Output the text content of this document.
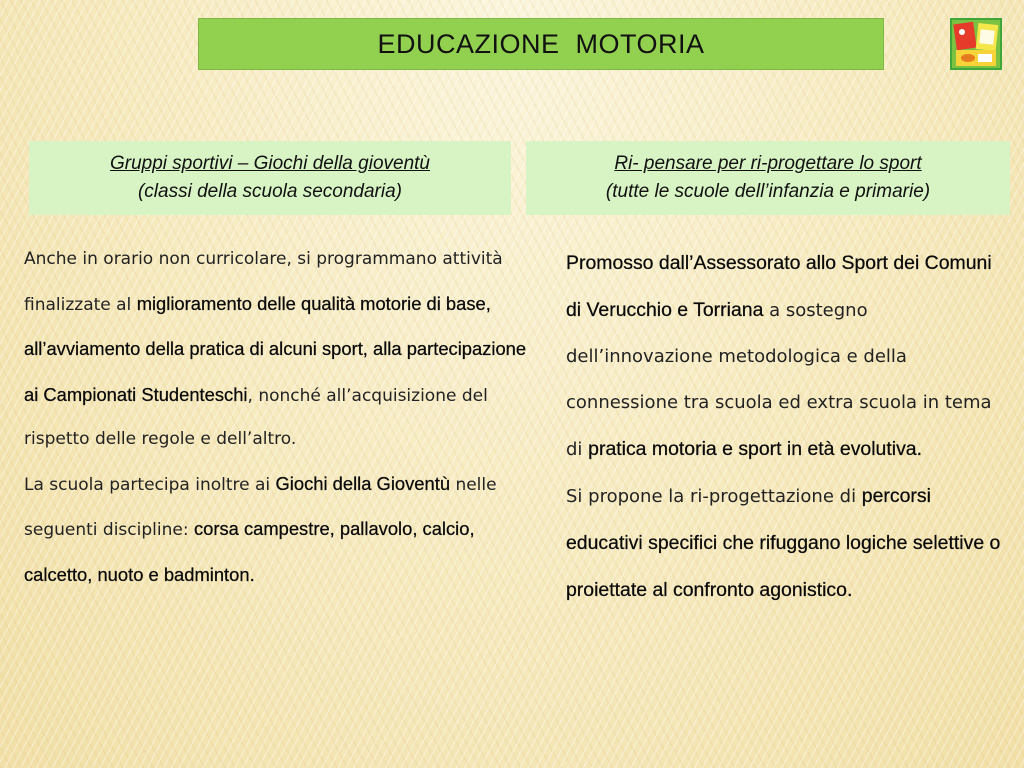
EDUCAZIONE  MOTORIA
Gruppi sportivi – Giochi della gioventù
(classi della scuola secondaria)
Ri- pensare per ri-progettare lo sport
(tutte le scuole dell’infanzia e primarie)

Anche in orario non curricolare, si programmano attività finalizzate al miglioramento delle qualità motorie di base, all’avviamento della pratica di alcuni sport, alla partecipazione ai Campionati Studenteschi, nonché all’acquisizione del rispetto delle regole e dell’altro.

La scuola partecipa inoltre ai Giochi della Gioventù nelle seguenti discipline: corsa campestre, pallavolo, calcio, calcetto, nuoto e badminton.

Promosso dall’Assessorato allo Sport dei Comuni di Verucchio e Torriana a sostegno dell’innovazione metodologica e della connessione tra scuola ed extra scuola in tema di pratica motoria e sport in età evolutiva.

Si propone la ri-progettazione di percorsi educativi specifici che rifuggano logiche selettive o proiettate al confronto agonistico.
